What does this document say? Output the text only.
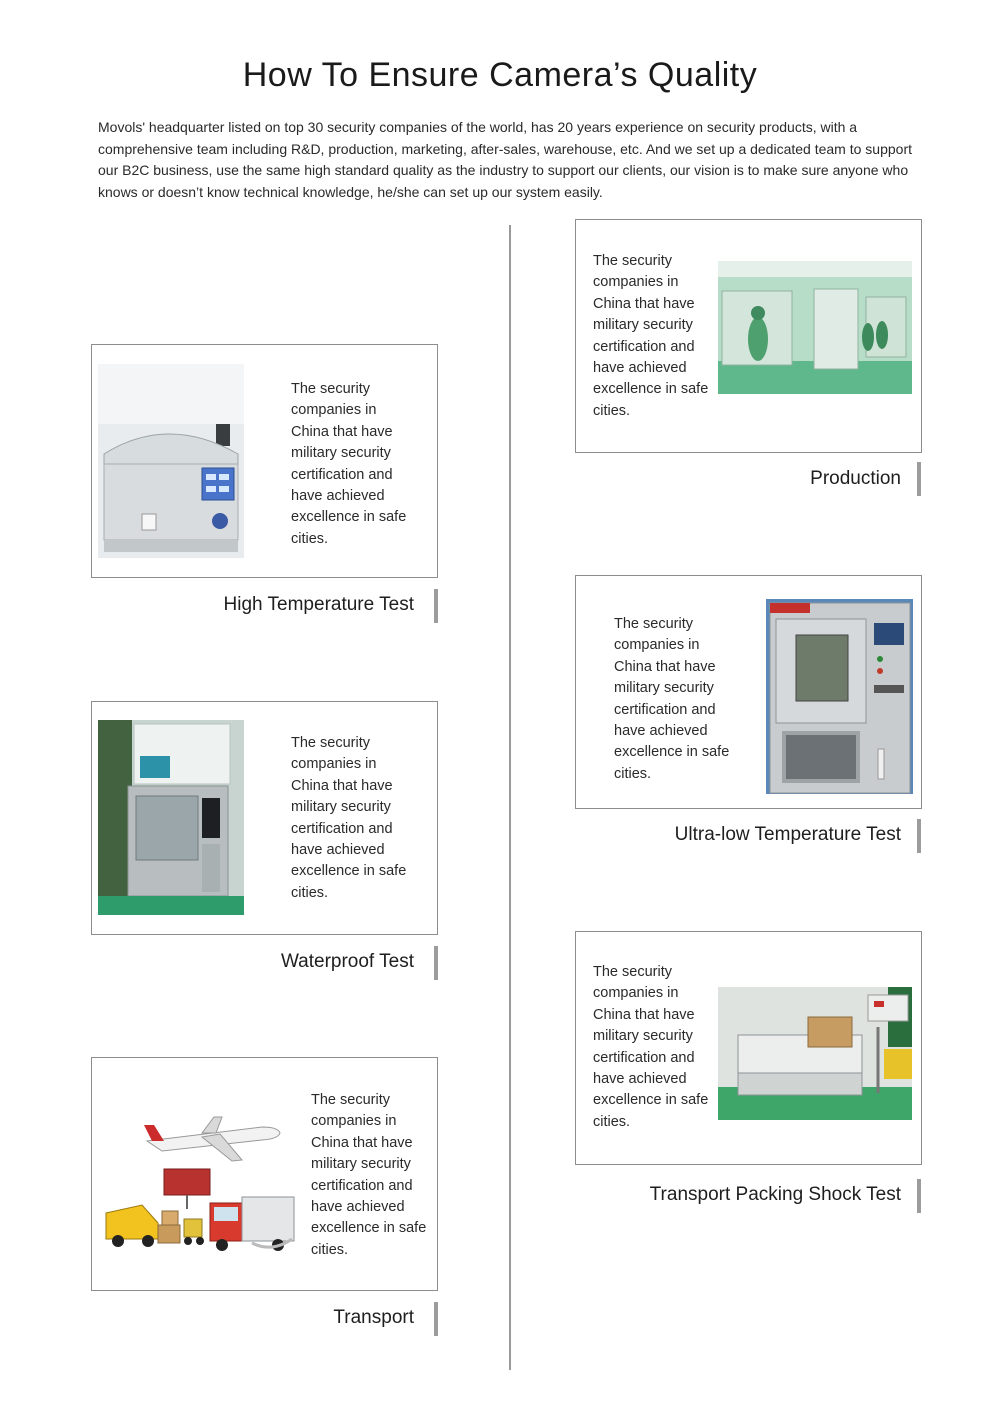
How To Ensure Camera’s Quality
Movols' headquarter listed on top 30 security companies of the world, has 20 years experience on security products, with a comprehensive team including R&D, production, marketing, after-sales, warehouse, etc. And we set up a dedicated team to support our B2C business, use the same high standard quality as the industry to support our clients, our vision is to make sure anyone who knows or doesn’t know technical knowledge, he/she can set up our system easily.
The security companies in China that have military security certification and have achieved excellence in safe cities.
High Temperature Test
The security companies in China that have military security certification and have achieved excellence in safe cities.
Waterproof Test
The security companies in China that have military security certification and have achieved excellence in safe cities.
Transport
The security companies in China that have military security certification and have achieved excellence in safe cities.
Production
The security companies in China that have military security certification and have achieved excellence in safe cities.
Ultra-low Temperature Test
The security companies in China that have military security certification and have achieved excellence in safe cities.
Transport Packing Shock Test
